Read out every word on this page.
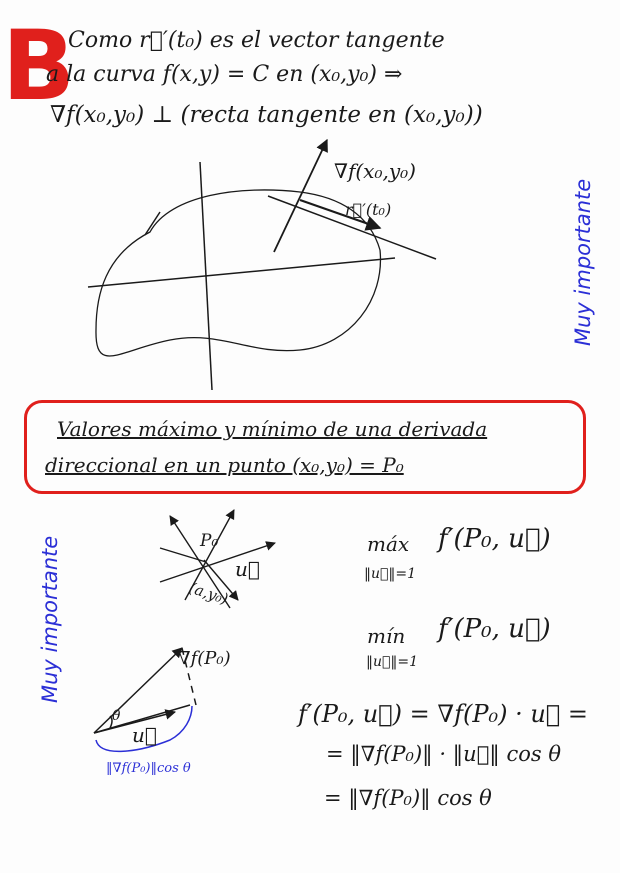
B
Como r⃗′(t₀) es el vector tangente
a la curva f(x,y) = C en (x₀,y₀) ⇒
∇f(x₀,y₀) ⊥ (recta tangente en (x₀,y₀))
∇f(x₀,y₀)
r⃗′(t₀)
P₀
(a,y₀)
u⃗
∇f(P₀)
θ
u⃗
‖∇f(P₀)‖cos θ
Muy importante
Muy importante
Valores máximo y mínimo de una derivada
direccional en un punto (x₀,y₀) = P₀
máx f′(P₀, u⃗)
‖u⃗‖=1
mín f′(P₀, u⃗)
‖u⃗‖=1
f′(P₀, u⃗) = ∇f(P₀) · u⃗ =
= ‖∇f(P₀)‖ · ‖u⃗‖ cos θ
= ‖∇f(P₀)‖ cos θ
